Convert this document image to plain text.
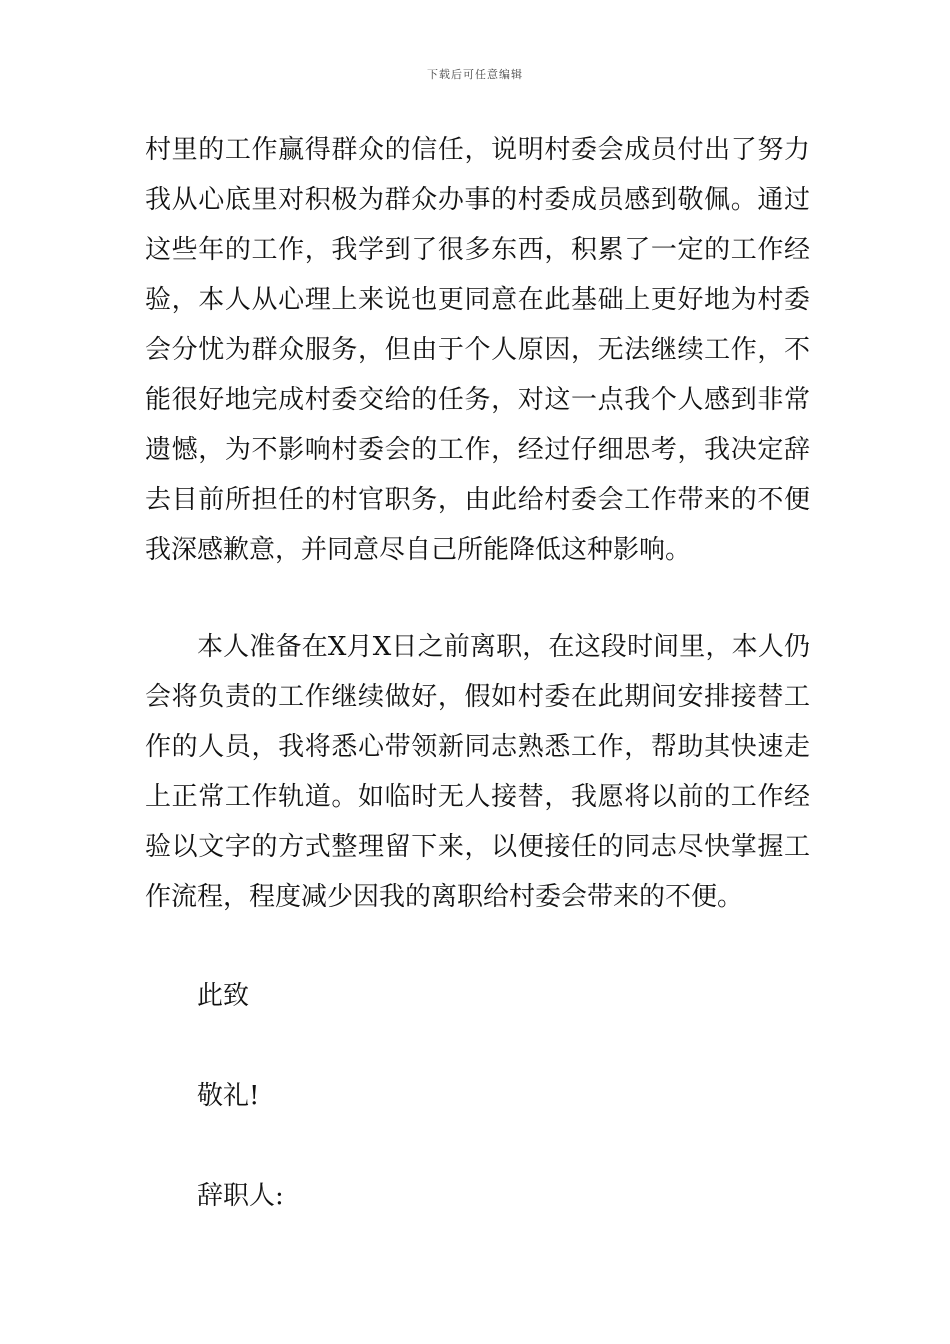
下载后可任意编辑
村里的工作赢得群众的信任，说明村委会成员付出了努力
我从心底里对积极为群众办事的村委成员感到敬佩。通过
这些年的工作，我学到了很多东西，积累了一定的工作经
验，本人从心理上来说也更同意在此基础上更好地为村委
会分忧为群众服务，但由于个人原因，无法继续工作，不
能很好地完成村委交给的任务，对这一点我个人感到非常
遗憾，为不影响村委会的工作，经过仔细思考，我决定辞
去目前所担任的村官职务，由此给村委会工作带来的不便
我深感歉意，并同意尽自己所能降低这种影响。
本人准备在X月X日之前离职，在这段时间里，本人仍
会将负责的工作继续做好，假如村委在此期间安排接替工
作的人员，我将悉心带领新同志熟悉工作，帮助其快速走
上正常工作轨道。如临时无人接替，我愿将以前的工作经
验以文字的方式整理留下来，以便接任的同志尽快掌握工
作流程，程度减少因我的离职给村委会带来的不便。
此致
敬礼!
辞职人:
